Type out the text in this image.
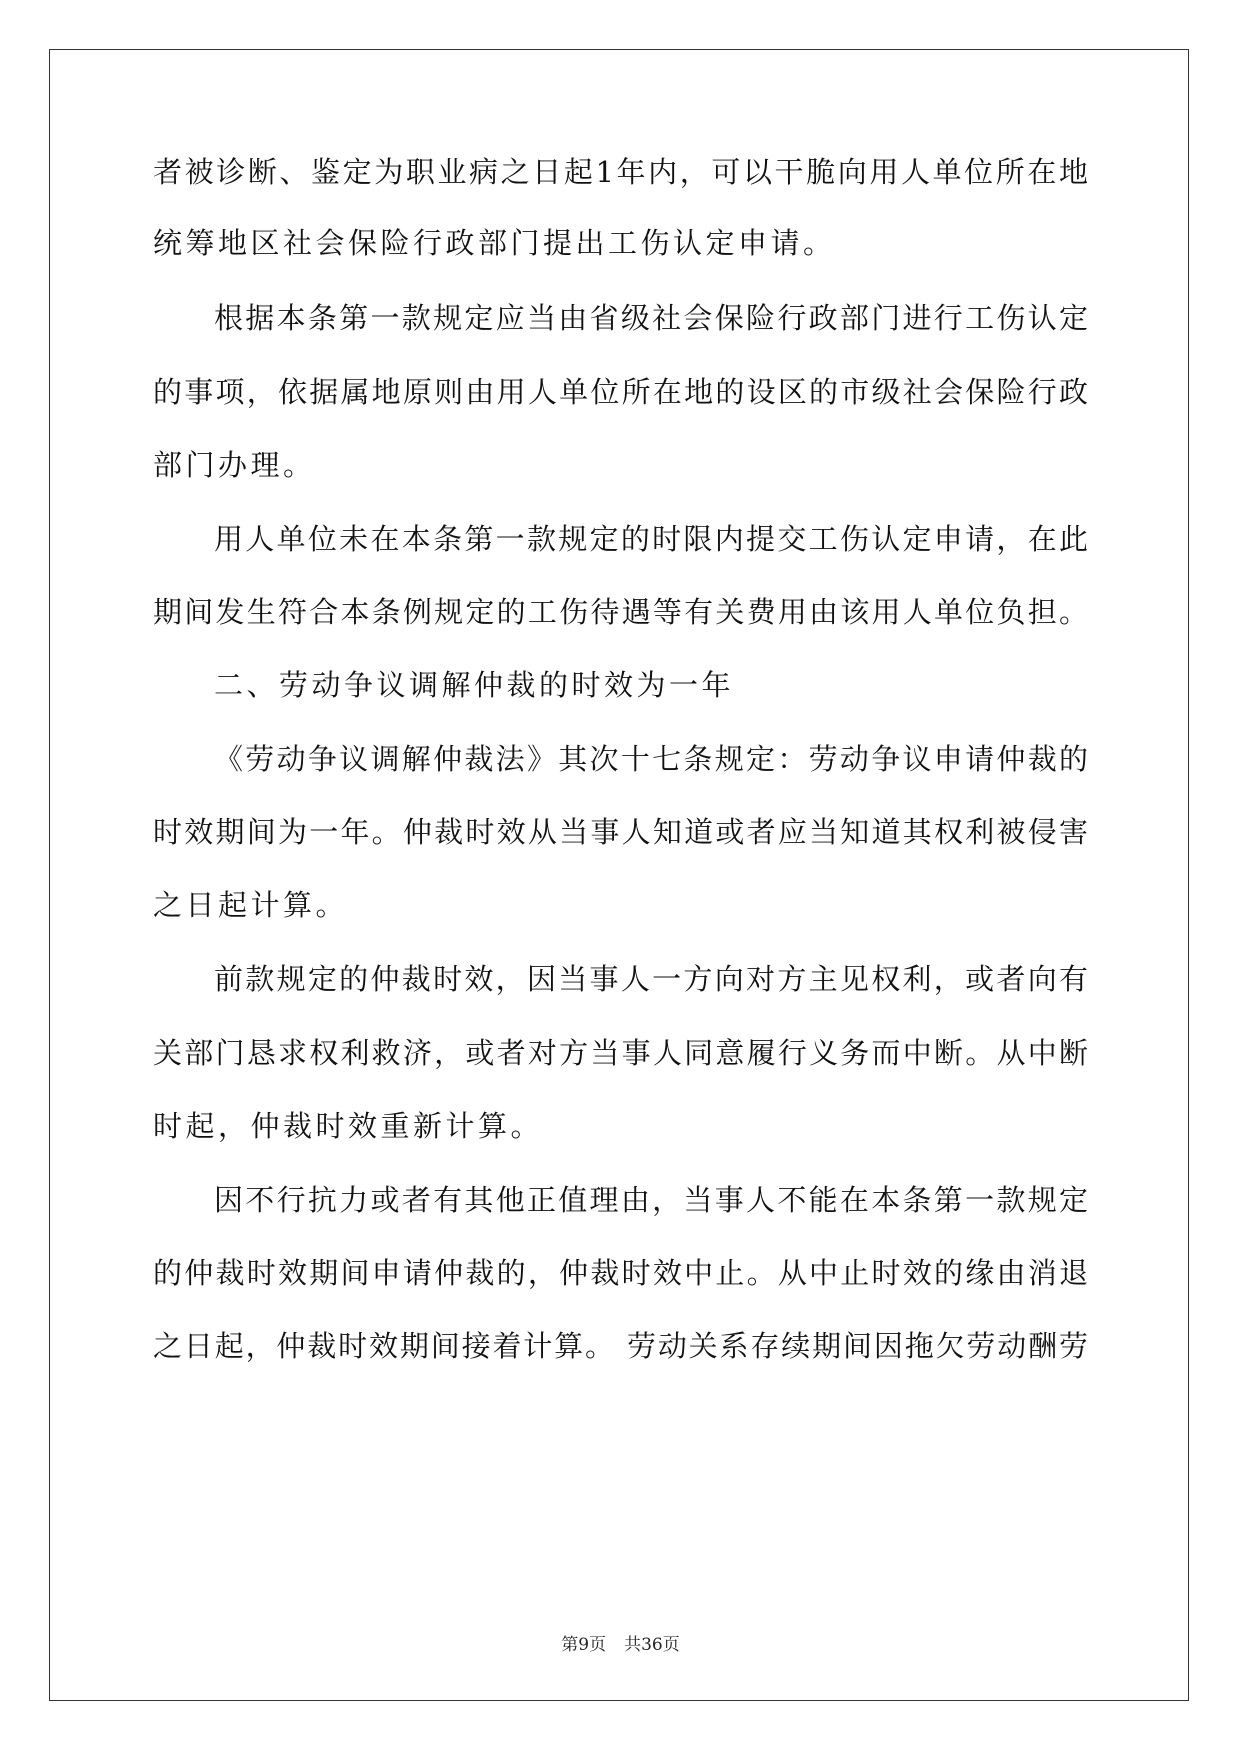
者被诊断、鉴定为职业病之日起1年内，可以干脆向用人单位所在地
统筹地区社会保险行政部门提出工伤认定申请。
根据本条第一款规定应当由省级社会保险行政部门进行工伤认定
的事项，依据属地原则由用人单位所在地的设区的市级社会保险行政
部门办理。
用人单位未在本条第一款规定的时限内提交工伤认定申请，在此
期间发生符合本条例规定的工伤待遇等有关费用由该用人单位负担。
二、劳动争议调解仲裁的时效为一年
《劳动争议调解仲裁法》其次十七条规定：劳动争议申请仲裁的
时效期间为一年。仲裁时效从当事人知道或者应当知道其权利被侵害
之日起计算。
前款规定的仲裁时效，因当事人一方向对方主见权利，或者向有
关部门恳求权利救济，或者对方当事人同意履行义务而中断。从中断
时起，仲裁时效重新计算。
因不行抗力或者有其他正值理由，当事人不能在本条第一款规定
的仲裁时效期间申请仲裁的，仲裁时效中止。从中止时效的缘由消退
之日起，仲裁时效期间接着计算。 劳动关系存续期间因拖欠劳动酬劳
第9页 共36页
